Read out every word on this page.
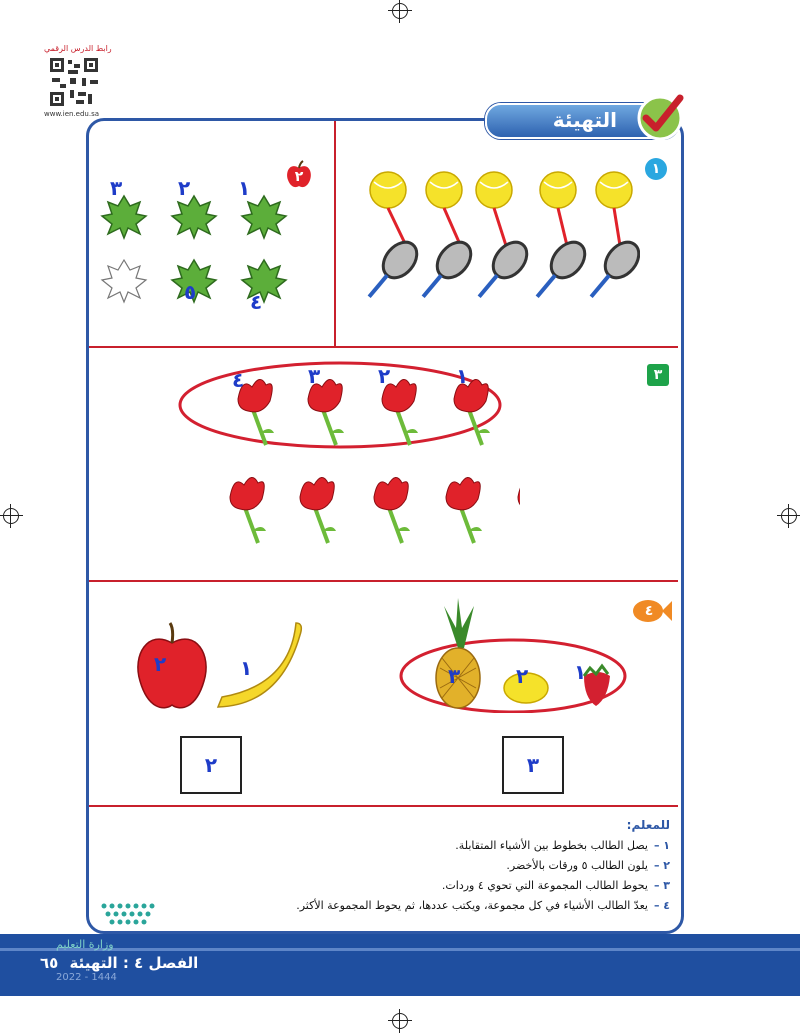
رابط الدرس الرقمي
www.ien.edu.sa	التهيئة
١
٢
١
٢
٣
٤
٥
٣
١
٢
٣
٤
٤
١
٢
٣
١
٢
٣
٢
للمعلم:
١ –يصل الطالب بخطوط بين الأشياء المتقابلة.
٢ –يلون الطالب ٥ ورقات بالأخضر.
٣ –يحوط الطالب المجموعة التي تحوي ٤ وردات.
٤ –يعدّ الطالب الأشياء في كل مجموعة، ويكتب عددها، ثم يحوط المجموعة الأكثر.
وزارة التعليم
الفصل ٤ : التهيئة ٦٥
2022 - 1444
